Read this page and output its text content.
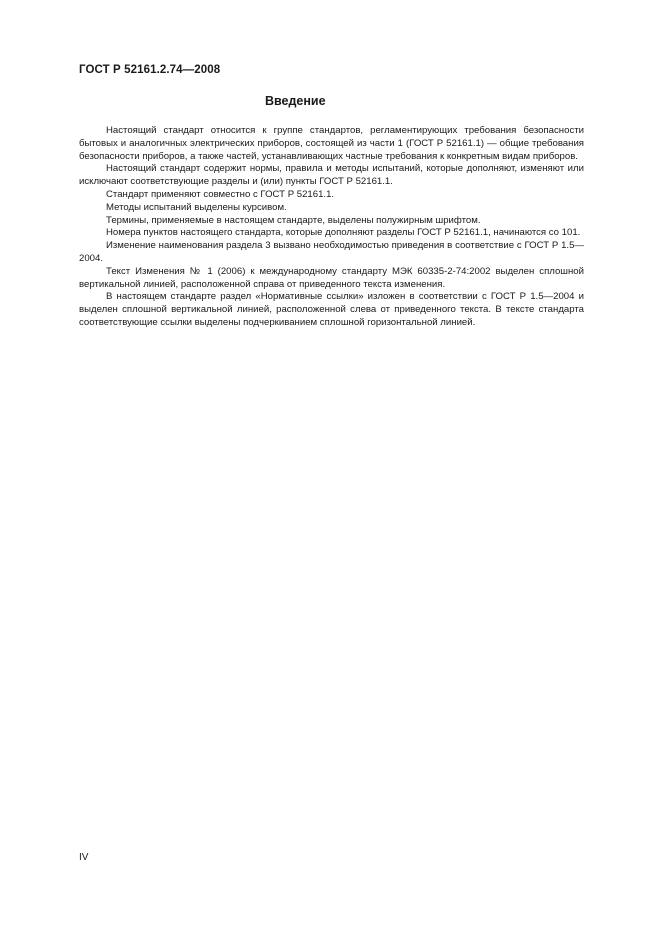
ГОСТ Р 52161.2.74—2008
Введение

Настоящий стандарт относится к группе стандартов, регламентирующих требования безопасности бытовых и аналогичных электрических приборов, состоящей из части 1 (ГОСТ Р 52161.1) — общие требования безопасности приборов, а также частей, устанавливающих частные требования к конкретным видам приборов.

Настоящий стандарт содержит нормы, правила и методы испытаний, которые дополняют, изменяют или исключают соответствующие разделы и (или) пункты ГОСТ Р 52161.1.

Стандарт применяют совместно с ГОСТ Р 52161.1.

Методы испытаний выделены курсивом.

Термины, применяемые в настоящем стандарте, выделены полужирным шрифтом.

Номера пунктов настоящего стандарта, которые дополняют разделы ГОСТ Р 52161.1, начинаются со 101.

Изменение наименования раздела 3 вызвано необходимостью приведения в соответствие с ГОСТ Р 1.5—2004.

Текст Изменения № 1 (2006) к международному стандарту МЭК 60335-2-74:2002 выделен сплошной вертикальной линией, расположенной справа от приведенного текста изменения.

В настоящем стандарте раздел «Нормативные ссылки» изложен в соответствии с ГОСТ Р 1.5—2004 и выделен сплошной вертикальной линией, расположенной слева от приведенного текста. В тексте стандарта соответствующие ссылки выделены подчеркиванием сплошной горизонтальной линией.

IV
